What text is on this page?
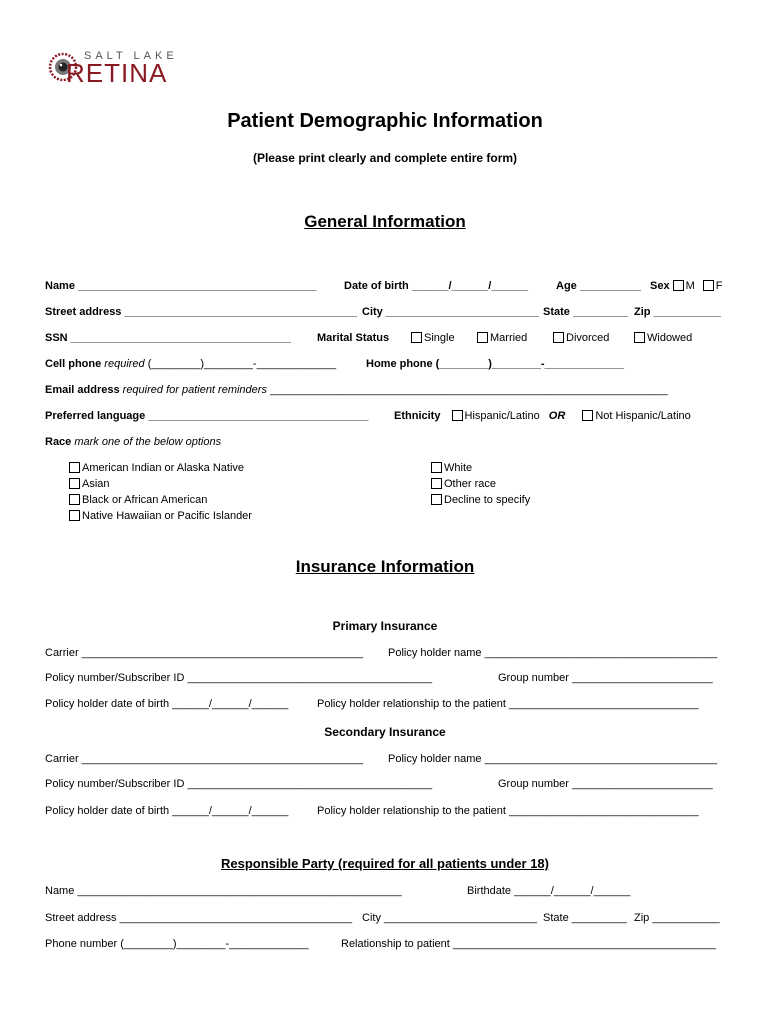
SALT LAKE
RETINA
Patient Demographic Information
(Please print clearly and complete entire form)
General Information
Name _______________________________________ Date of birth ______/______/______	Age __________ Sex M F
Street address ______________________________________ City _________________________ State _________ Zip ___________
SSN ____________________________________ Marital Status	Single	Married	Divorced	Widowed
Cell phone required (________)________-_____________	Home phone (________)________-_____________
Email address required for patient reminders _________________________________________________________________
Preferred language ____________________________________ Ethnicity Hispanic/Latino OR	Not Hispanic/Latino
Race mark one of the below options
American Indian or Alaska Native
Asian
Black or African American
Native Hawaiian or Pacific Islander
White
Other race
Decline to specify
Insurance Information
Primary Insurance
Carrier ______________________________________________ Policy holder name ______________________________________
Policy number/Subscriber ID ________________________________________	Group number _______________________
Policy holder date of birth ______/______/______	Policy holder relationship to the patient _______________________________
Secondary Insurance
Carrier ______________________________________________ Policy holder name ______________________________________
Policy number/Subscriber ID ________________________________________	Group number _______________________
Policy holder date of birth ______/______/______	Policy holder relationship to the patient _______________________________
Responsible Party (required for all patients under 18)
Name _____________________________________________________	Birthdate ______/______/______
Street address ______________________________________ City _________________________ State _________ Zip ___________
Phone number (________)________-_____________	Relationship to patient ___________________________________________
